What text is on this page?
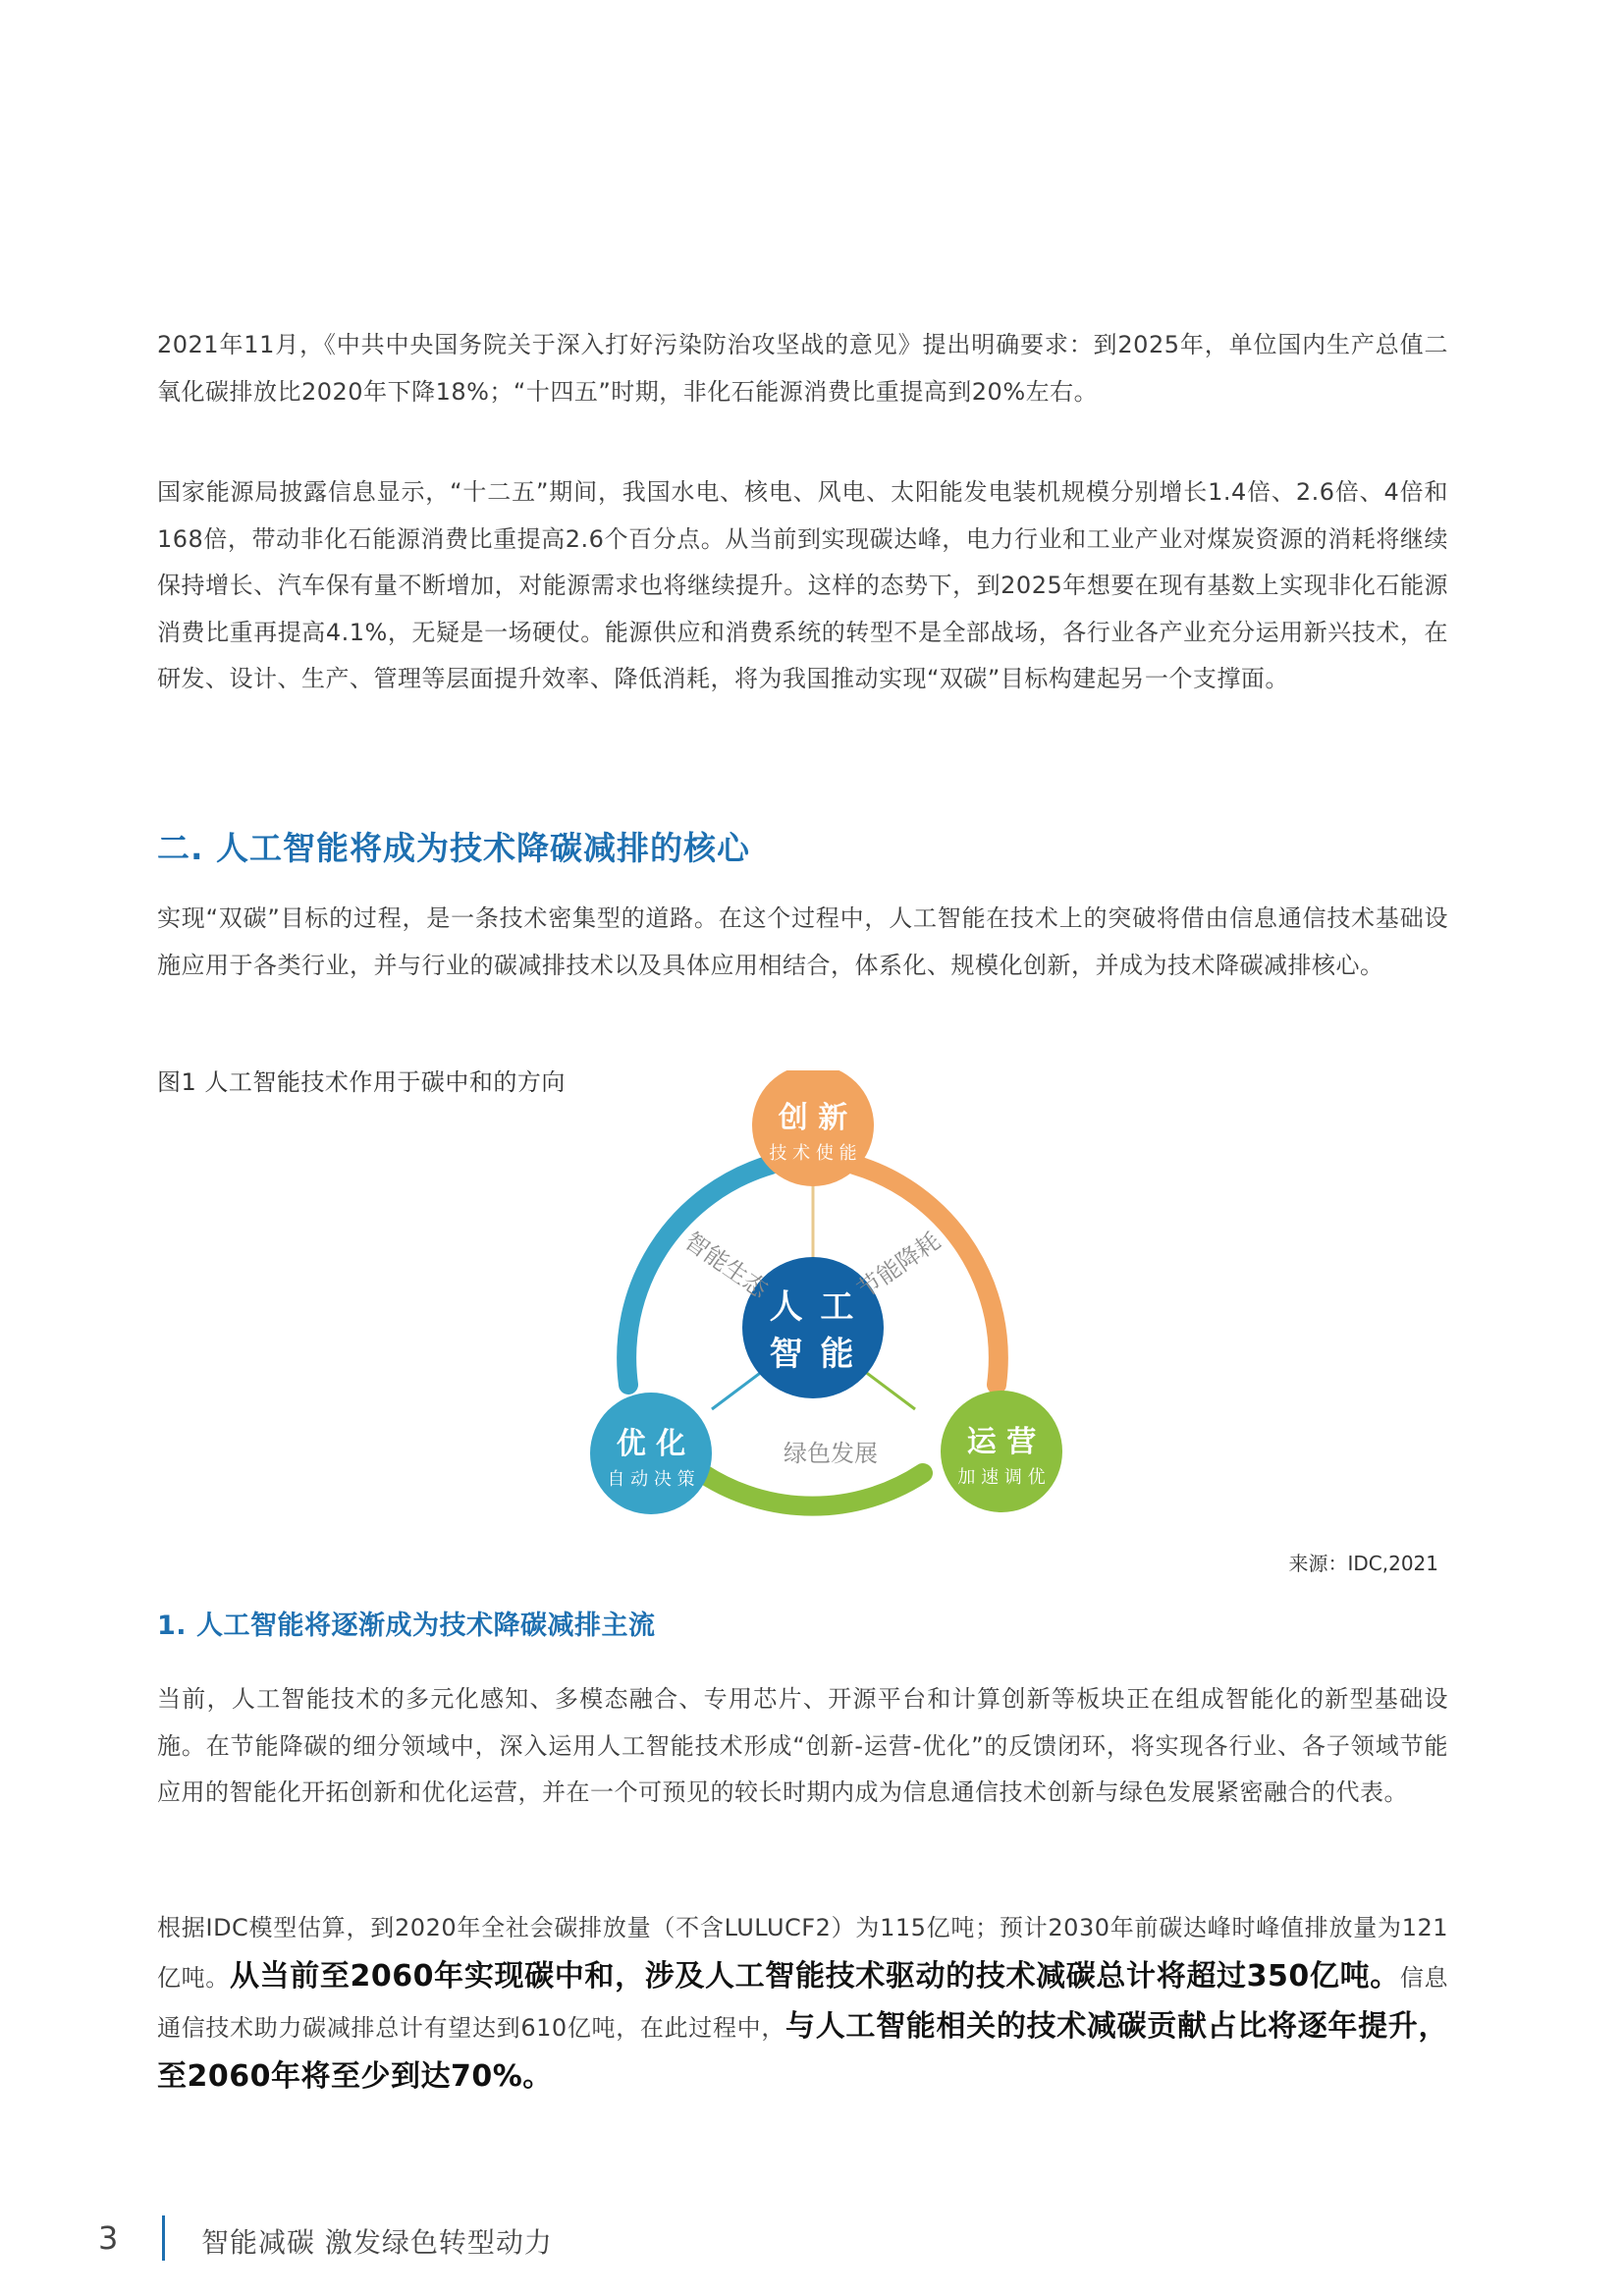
2021年11月，《中共中央国务院关于深入打好污染防治攻坚战的意见》提出明确要求：到2025年，单位国内生产总值二氧化碳排放比2020年下降18%；“十四五”时期，非化石能源消费比重提高到20%左右。

国家能源局披露信息显示，“十二五”期间，我国水电、核电、风电、太阳能发电装机规模分别增长1.4倍、2.6倍、4倍和168倍，带动非化石能源消费比重提高2.6个百分点。从当前到实现碳达峰，电力行业和工业产业对煤炭资源的消耗将继续保持增长、汽车保有量不断增加，对能源需求也将继续提升。这样的态势下，到2025年想要在现有基数上实现非化石能源消费比重再提高4.1%，无疑是一场硬仗。能源供应和消费系统的转型不是全部战场，各行业各产业充分运用新兴技术，在研发、设计、生产、管理等层面提升效率、降低消耗，将为我国推动实现“双碳”目标构建起另一个支撑面。

二. 人工智能将成为技术降碳减排的核心

实现“双碳”目标的过程，是一条技术密集型的道路。在这个过程中，人工智能在技术上的突破将借由信息通信技术基础设施应用于各类行业，并与行业的碳减排技术以及具体应用相结合，体系化、规模化创新，并成为技术降碳减排核心。

图1 人工智能技术作用于碳中和的方向

人 工
智 能
创 新
技 术 使 能
优 化
自 动 决 策
运 营
加 速 调 优
智能生态	节能降耗
绿色发展

来源：IDC,2021

1. 人工智能将逐渐成为技术降碳减排主流

当前，人工智能技术的多元化感知、多模态融合、专用芯片、开源平台和计算创新等板块正在组成智能化的新型基础设施。在节能降碳的细分领域中，深入运用人工智能技术形成“创新-运营-优化”的反馈闭环，将实现各行业、各子领域节能应用的智能化开拓创新和优化运营，并在一个可预见的较长时期内成为信息通信技术创新与绿色发展紧密融合的代表。

根据IDC模型估算，到2020年全社会碳排放量（不含LULUCF2）为115亿吨；预计2030年前碳达峰时峰值排放量为121亿吨。从当前至2060年实现碳中和，涉及人工智能技术驱动的技术减碳总计将超过350亿吨。信息通信技术助力碳减排总计有望达到610亿吨，在此过程中，与人工智能相关的技术减碳贡献占比将逐年提升，至2060年将至少到达70%。

3	智能减碳 激发绿色转型动力
